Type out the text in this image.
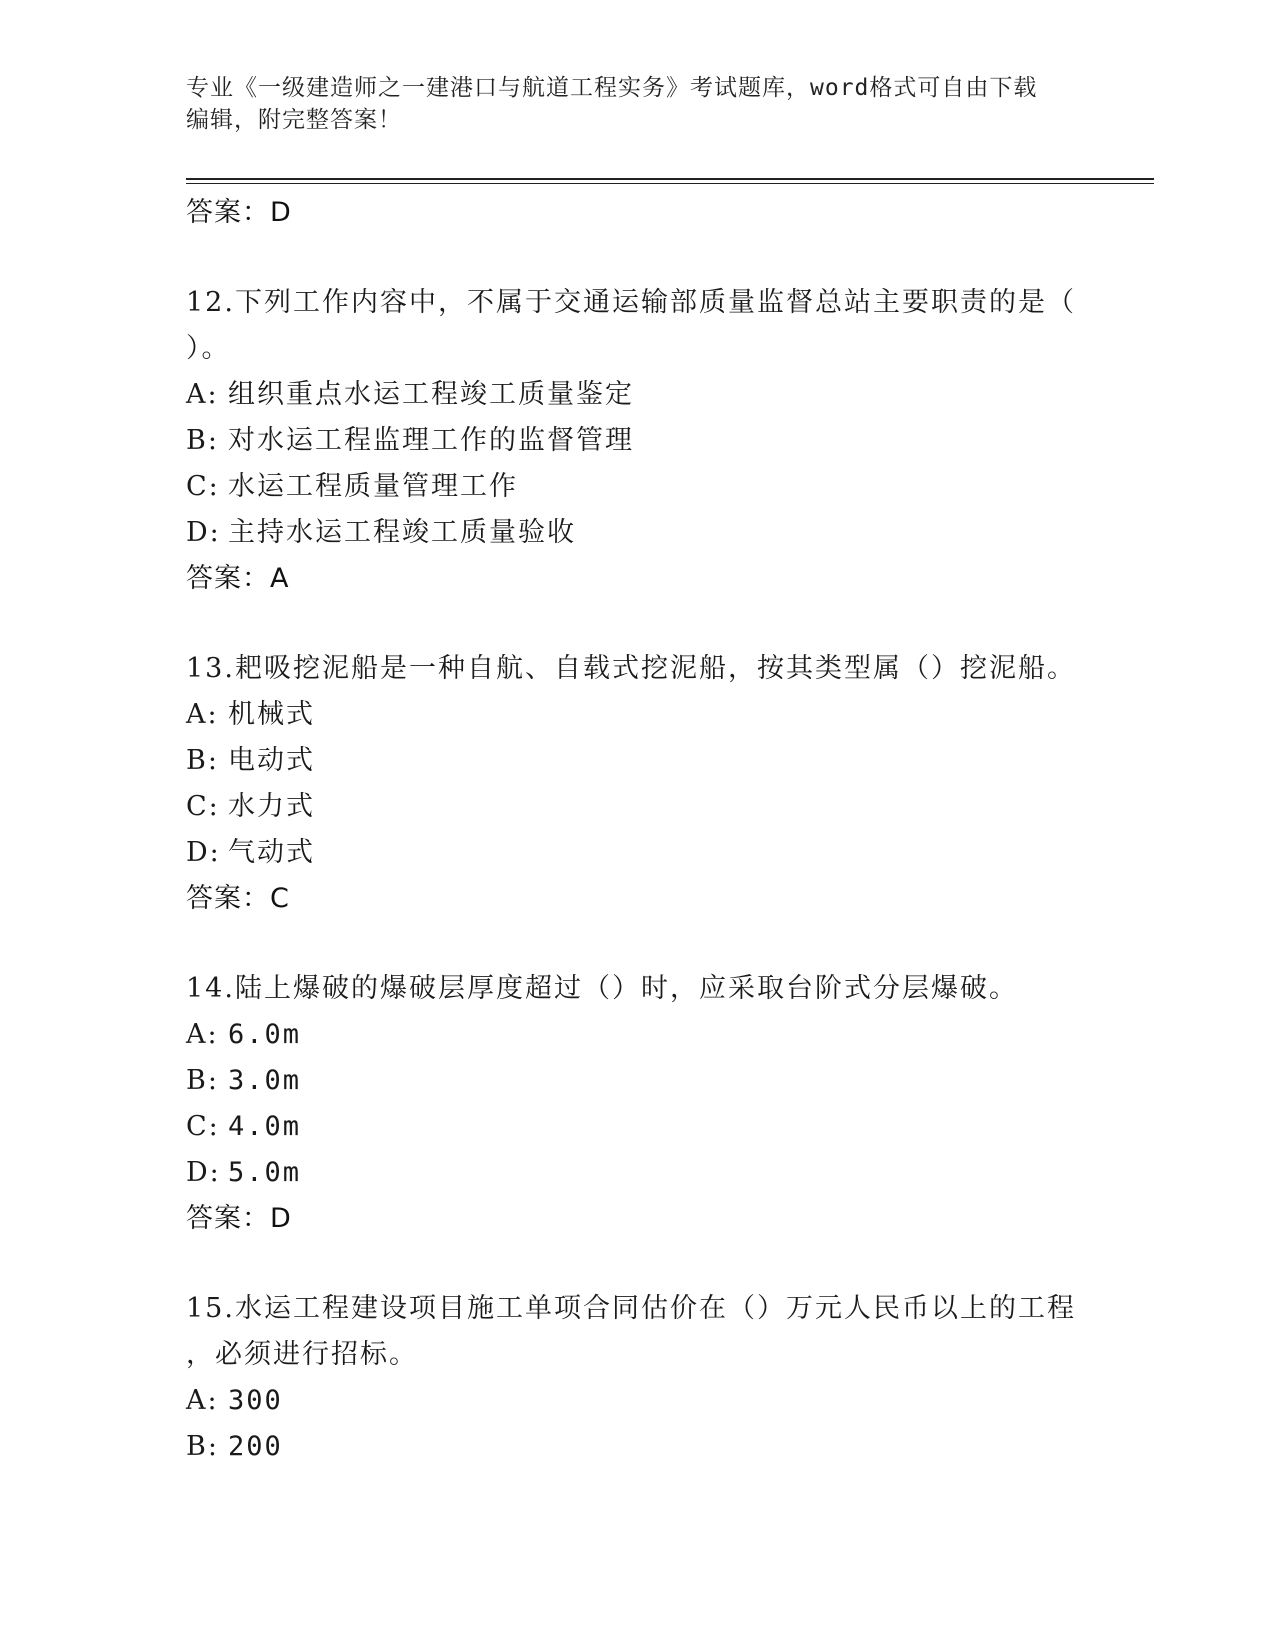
专业《一级建造师之一建港口与航道工程实务》考试题库，word格式可自由下载
编辑，附完整答案！
答案：D
12.下列工作内容中，不属于交通运输部质量监督总站主要职责的是（
）。
A: 组织重点水运工程竣工质量鉴定
B: 对水运工程监理工作的监督管理
C: 水运工程质量管理工作
D: 主持水运工程竣工质量验收
答案：A
13.耙吸挖泥船是一种自航、自载式挖泥船，按其类型属（）挖泥船。
A: 机械式
B: 电动式
C: 水力式
D: 气动式
答案：C
14.陆上爆破的爆破层厚度超过（）时，应采取台阶式分层爆破。
A: 6.0m
B: 3.0m
C: 4.0m
D: 5.0m
答案：D
15.水运工程建设项目施工单项合同估价在（）万元人民币以上的工程
，必须进行招标。
A: 300
B: 200
